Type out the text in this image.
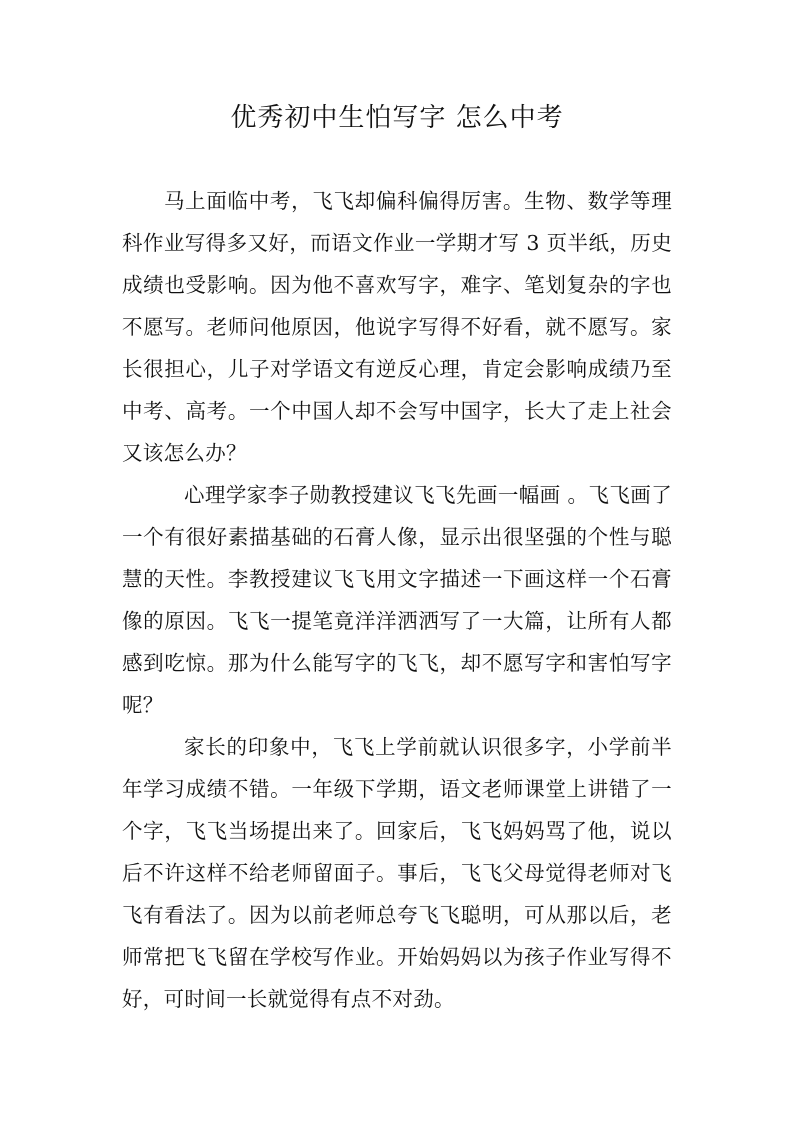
优秀初中生怕写字 怎么中考

马上面临中考，飞飞却偏科偏得厉害。生物、数学等理科作业写得多又好，而语文作业一学期才写 3 页半纸，历史成绩也受影响。因为他不喜欢写字，难字、笔划复杂的字也不愿写。老师问他原因，他说字写得不好看，就不愿写。家长很担心，儿子对学语文有逆反心理，肯定会影响成绩乃至中考、高考。一个中国人却不会写中国字，长大了走上社会又该怎么办？

心理学家李子勋教授建议飞飞先画一幅画 。飞飞画了一个有很好素描基础的石膏人像，显示出很坚强的个性与聪慧的天性。李教授建议飞飞用文字描述一下画这样一个石膏像的原因。飞飞一提笔竟洋洋洒洒写了一大篇，让所有人都感到吃惊。那为什么能写字的飞飞，却不愿写字和害怕写字呢？

家长的印象中，飞飞上学前就认识很多字，小学前半年学习成绩不错。一年级下学期，语文老师课堂上讲错了一个字，飞飞当场提出来了。回家后，飞飞妈妈骂了他，说以后不许这样不给老师留面子。事后，飞飞父母觉得老师对飞飞有看法了。因为以前老师总夸飞飞聪明，可从那以后，老师常把飞飞留在学校写作业。开始妈妈以为孩子作业写得不好，可时间一长就觉得有点不对劲。
